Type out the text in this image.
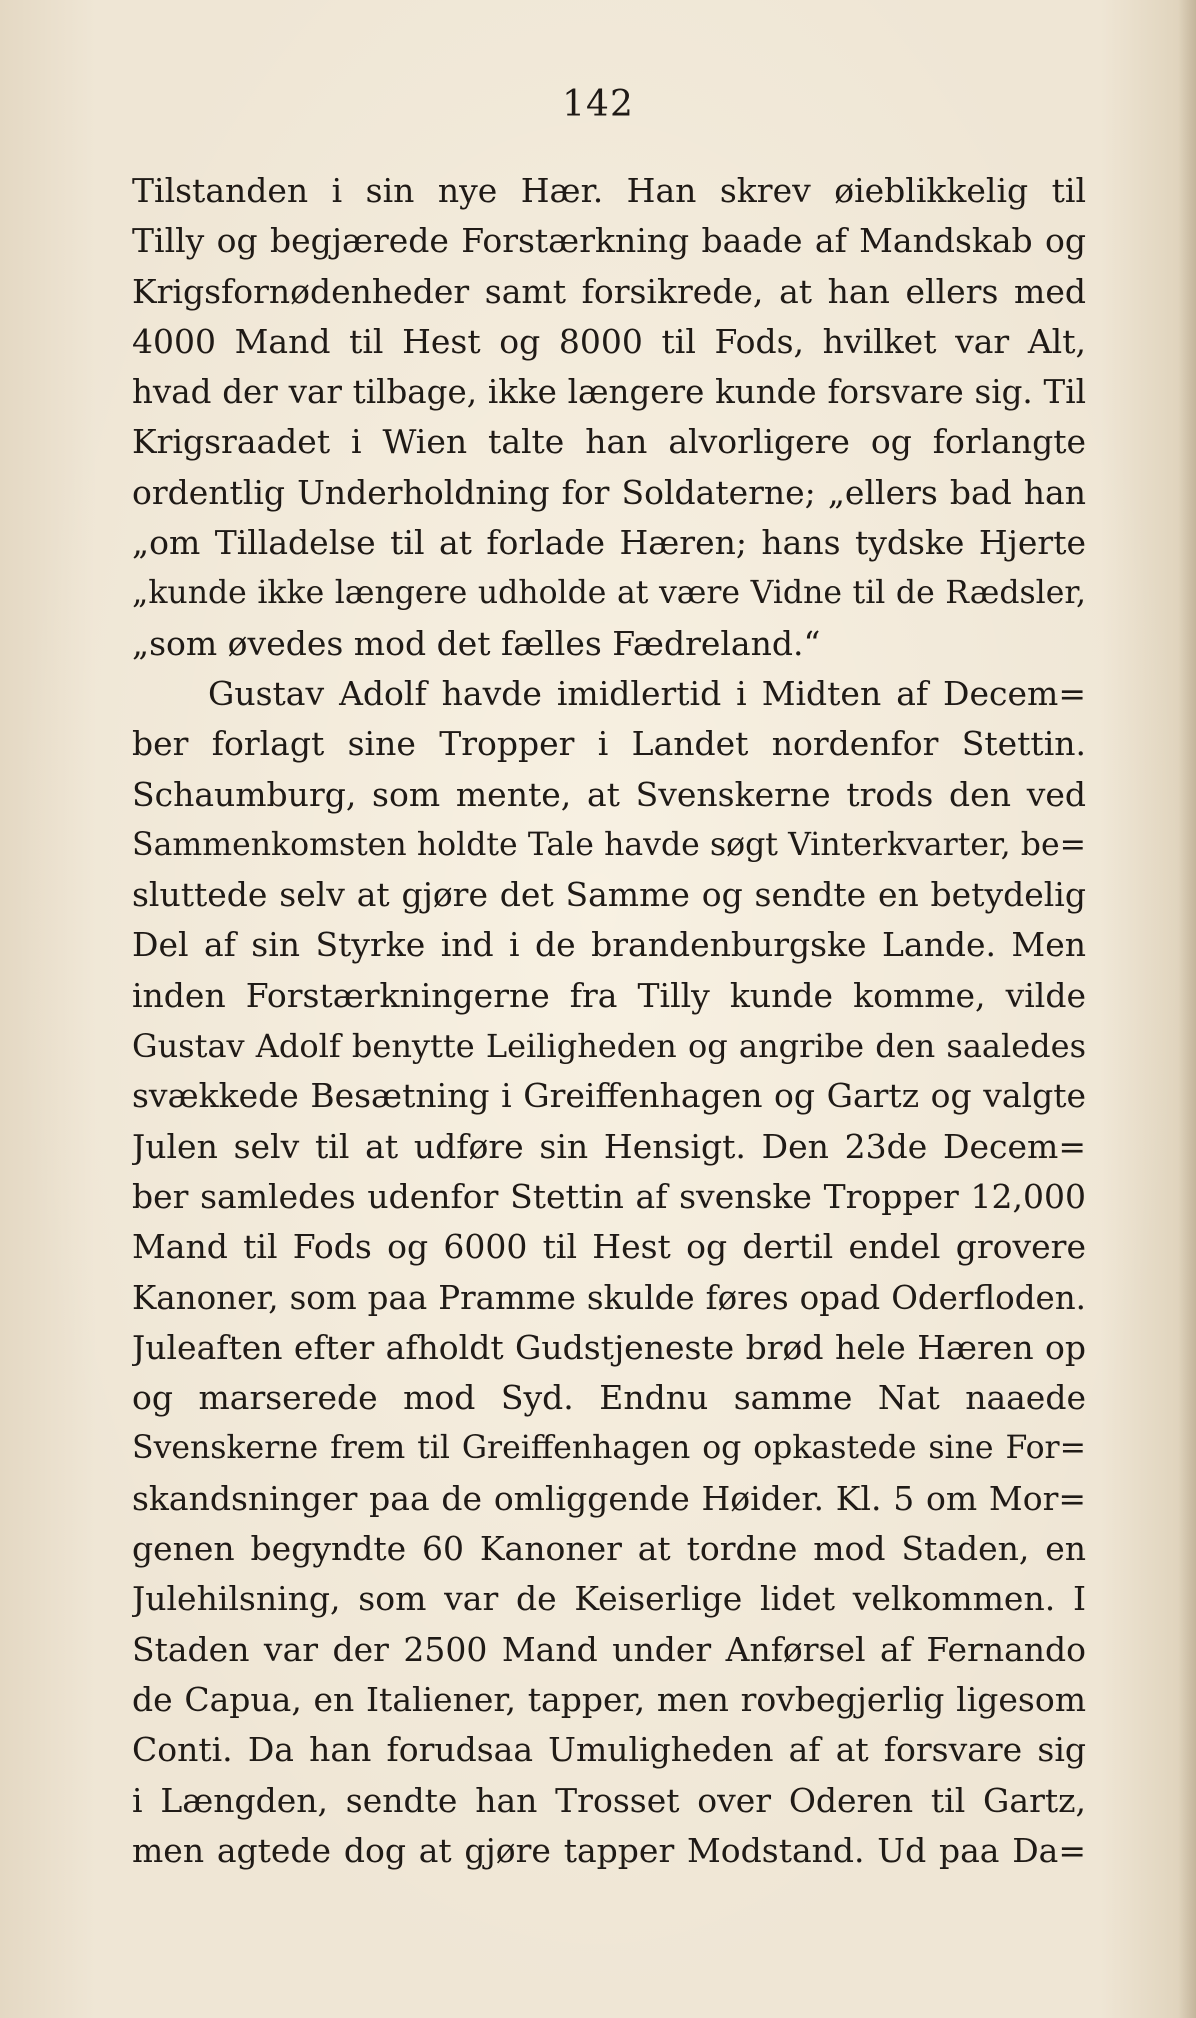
142
Tilstanden i sin nye Hær. Han skrev øieblikkelig til
Tilly og begjærede Forstærkning baade af Mandskab og
Krigsfornødenheder samt forsikrede, at han ellers med
4000 Mand til Hest og 8000 til Fods, hvilket var Alt,
hvad der var tilbage, ikke længere kunde forsvare sig. Til
Krigsraadet i Wien talte han alvorligere og forlangte
ordentlig Underholdning for Soldaterne; „ellers bad han
„om Tilladelse til at forlade Hæren; hans tydske Hjerte
„kunde ikke længere udholde at være Vidne til de Rædsler,
„som øvedes mod det fælles Fædreland.“
Gustav Adolf havde imidlertid i Midten af Decem=
ber forlagt sine Tropper i Landet nordenfor Stettin.
Schaumburg, som mente, at Svenskerne trods den ved
Sammenkomsten holdte Tale havde søgt Vinterkvarter, be=
sluttede selv at gjøre det Samme og sendte en betydelig
Del af sin Styrke ind i de brandenburgske Lande. Men
inden Forstærkningerne fra Tilly kunde komme, vilde
Gustav Adolf benytte Leiligheden og angribe den saaledes
svækkede Besætning i Greiffenhagen og Gartz og valgte
Julen selv til at udføre sin Hensigt. Den 23de Decem=
ber samledes udenfor Stettin af svenske Tropper 12,000
Mand til Fods og 6000 til Hest og dertil endel grovere
Kanoner, som paa Pramme skulde føres opad Oderfloden.
Juleaften efter afholdt Gudstjeneste brød hele Hæren op
og marserede mod Syd. Endnu samme Nat naaede
Svenskerne frem til Greiffenhagen og opkastede sine For=
skandsninger paa de omliggende Høider. Kl. 5 om Mor=
genen begyndte 60 Kanoner at tordne mod Staden, en
Julehilsning, som var de Keiserlige lidet velkommen. I
Staden var der 2500 Mand under Anførsel af Fernando
de Capua, en Italiener, tapper, men rovbegjerlig ligesom
Conti. Da han forudsaa Umuligheden af at forsvare sig
i Længden, sendte han Trosset over Oderen til Gartz,
men agtede dog at gjøre tapper Modstand. Ud paa Da=
